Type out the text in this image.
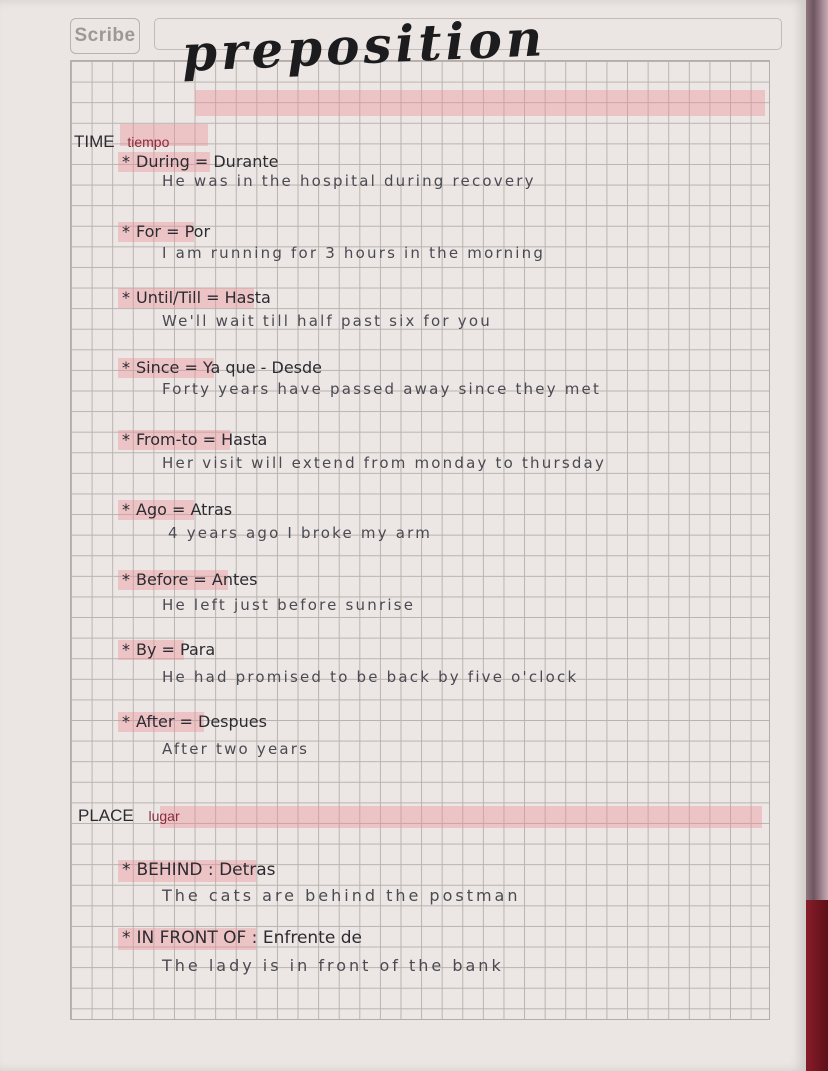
Scribe preposition
TIME tiempo
* During = Durante
He was in the hospital during recovery
* For = Por
I am running for 3 hours in the morning
* Until/Till = Hasta
We'll wait till half past six for you
* Since = Ya que - Desde
Forty years have passed away since they met
* From-to = Hasta
Her visit will extend from monday to thursday
* Ago = Atras
4 years ago I broke my arm
* Before = Antes
He left just before sunrise
* By = Para
He had promised to be back by five o'clock
* After = Despues
After two years
PLACE lugar
* BEHIND : Detras
The cats are behind the postman
* IN FRONT OF : Enfrente de
The lady is in front of the bank
